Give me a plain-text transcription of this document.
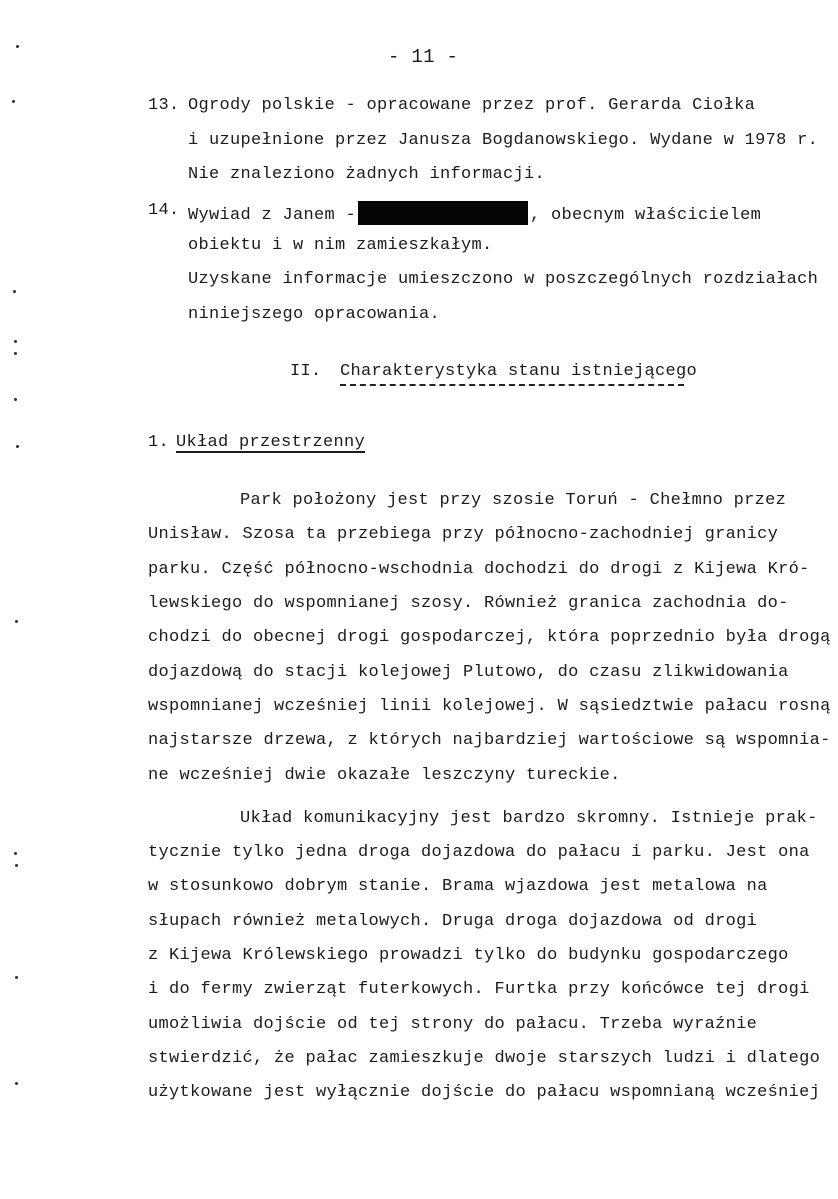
- 11 -
13. Ogrody polskie - opracowane przez prof. Gerarda Ciołka
i uzupełnione przez Janusza Bogdanowskiego. Wydane w 1978 r.
Nie znaleziono żadnych informacji.
14. Wywiad z Janem -	, obecnym właścicielem
obiektu i w nim zamieszkałym.
Uzyskane informacje umieszczono w poszczególnych rozdziałach
niniejszego opracowania.
II. Charakterystyka stanu istniejącego
1. Układ przestrzenny
Park położony jest przy szosie Toruń - Chełmno przez
Unisław. Szosa ta przebiega przy północno-zachodniej granicy
parku. Część północno-wschodnia dochodzi do drogi z Kijewa Kró-
lewskiego do wspomnianej szosy. Również granica zachodnia do-
chodzi do obecnej drogi gospodarczej, która poprzednio była drogą
dojazdową do stacji kolejowej Plutowo, do czasu zlikwidowania
wspomnianej wcześniej linii kolejowej. W sąsiedztwie pałacu rosną
najstarsze drzewa, z których najbardziej wartościowe są wspomnia-
ne wcześniej dwie okazałe leszczyny tureckie.
Układ komunikacyjny jest bardzo skromny. Istnieje prak-
tycznie tylko jedna droga dojazdowa do pałacu i parku. Jest ona
w stosunkowo dobrym stanie. Brama wjazdowa jest metalowa na
słupach również metalowych. Druga droga dojazdowa od drogi
z Kijewa Królewskiego prowadzi tylko do budynku gospodarczego
i do fermy zwierząt futerkowych. Furtka przy końcówce tej drogi
umożliwia dojście od tej strony do pałacu. Trzeba wyraźnie
stwierdzić, że pałac zamieszkuje dwoje starszych ludzi i dlatego
użytkowane jest wyłącznie dojście do pałacu wspomnianą wcześniej
